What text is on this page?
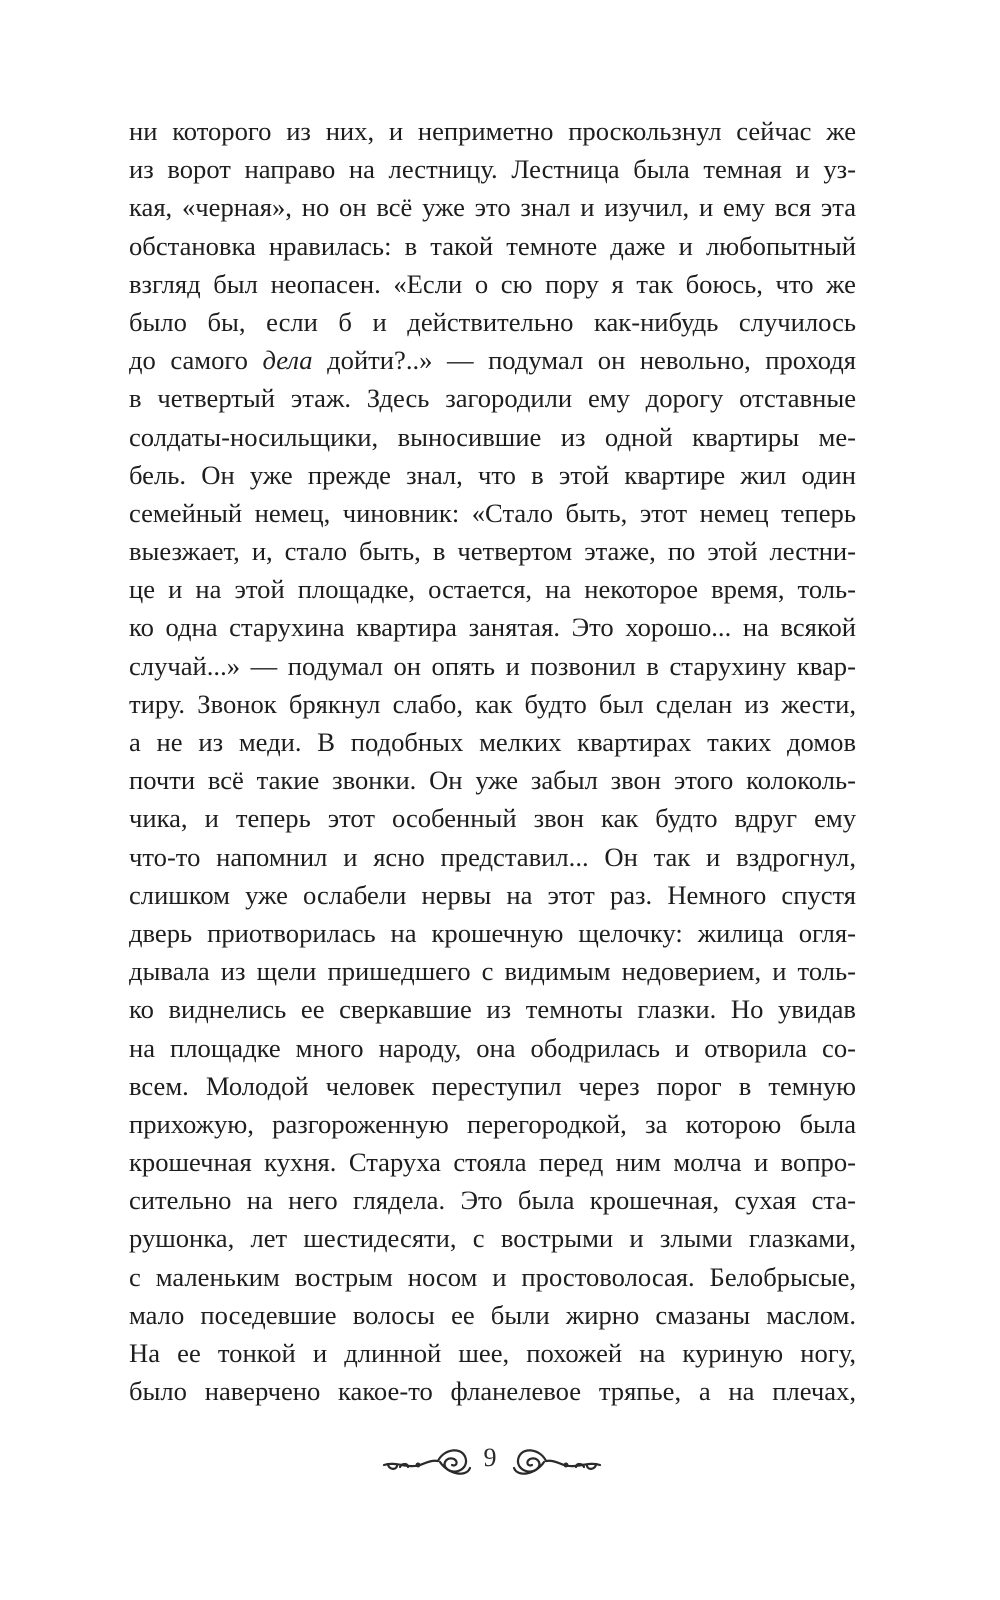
ни которого из них, и неприметно проскользнул сейчас же
из ворот направо на лестницу. Лестница была темная и уз-
кая, «черная», но он всё уже это знал и изучил, и ему вся эта
обстановка нравилась: в такой темноте даже и любопытный
взгляд был неопасен. «Если о сю пору я так боюсь, что же
было бы, если б и действительно как-нибудь случилось
до самого дела дойти?..» — подумал он невольно, проходя
в четвертый этаж. Здесь загородили ему дорогу отставные
солдаты-носильщики, выносившие из одной квартиры ме-
бель. Он уже прежде знал, что в этой квартире жил один
семейный немец, чиновник: «Стало быть, этот немец теперь
выезжает, и, стало быть, в четвертом этаже, по этой лестни-
це и на этой площадке, остается, на некоторое время, толь-
ко одна старухина квартира занятая. Это хорошо... на всякой
случай...» — подумал он опять и позвонил в старухину квар-
тиру. Звонок брякнул слабо, как будто был сделан из жести,
а не из меди. В подобных мелких квартирах таких домов
почти всё такие звонки. Он уже забыл звон этого колоколь-
чика, и теперь этот особенный звон как будто вдруг ему
что-то напомнил и ясно представил... Он так и вздрогнул,
слишком уже ослабели нервы на этот раз. Немного спустя
дверь приотворилась на крошечную щелочку: жилица огля-
дывала из щели пришедшего с видимым недоверием, и толь-
ко виднелись ее сверкавшие из темноты глазки. Но увидав
на площадке много народу, она ободрилась и отворила со-
всем. Молодой человек переступил через порог в темную
прихожую, разгороженную перегородкой, за которою была
крошечная кухня. Старуха стояла перед ним молча и вопро-
сительно на него глядела. Это была крошечная, сухая ста-
рушонка, лет шестидесяти, с вострыми и злыми глазками,
с маленьким вострым носом и простоволосая. Белобрысые,
мало поседевшие волосы ее были жирно смазаны маслом.
На ее тонкой и длинной шее, похожей на куриную ногу,
было наверчено какое-то фланелевое тряпье, а на плечах,
9
